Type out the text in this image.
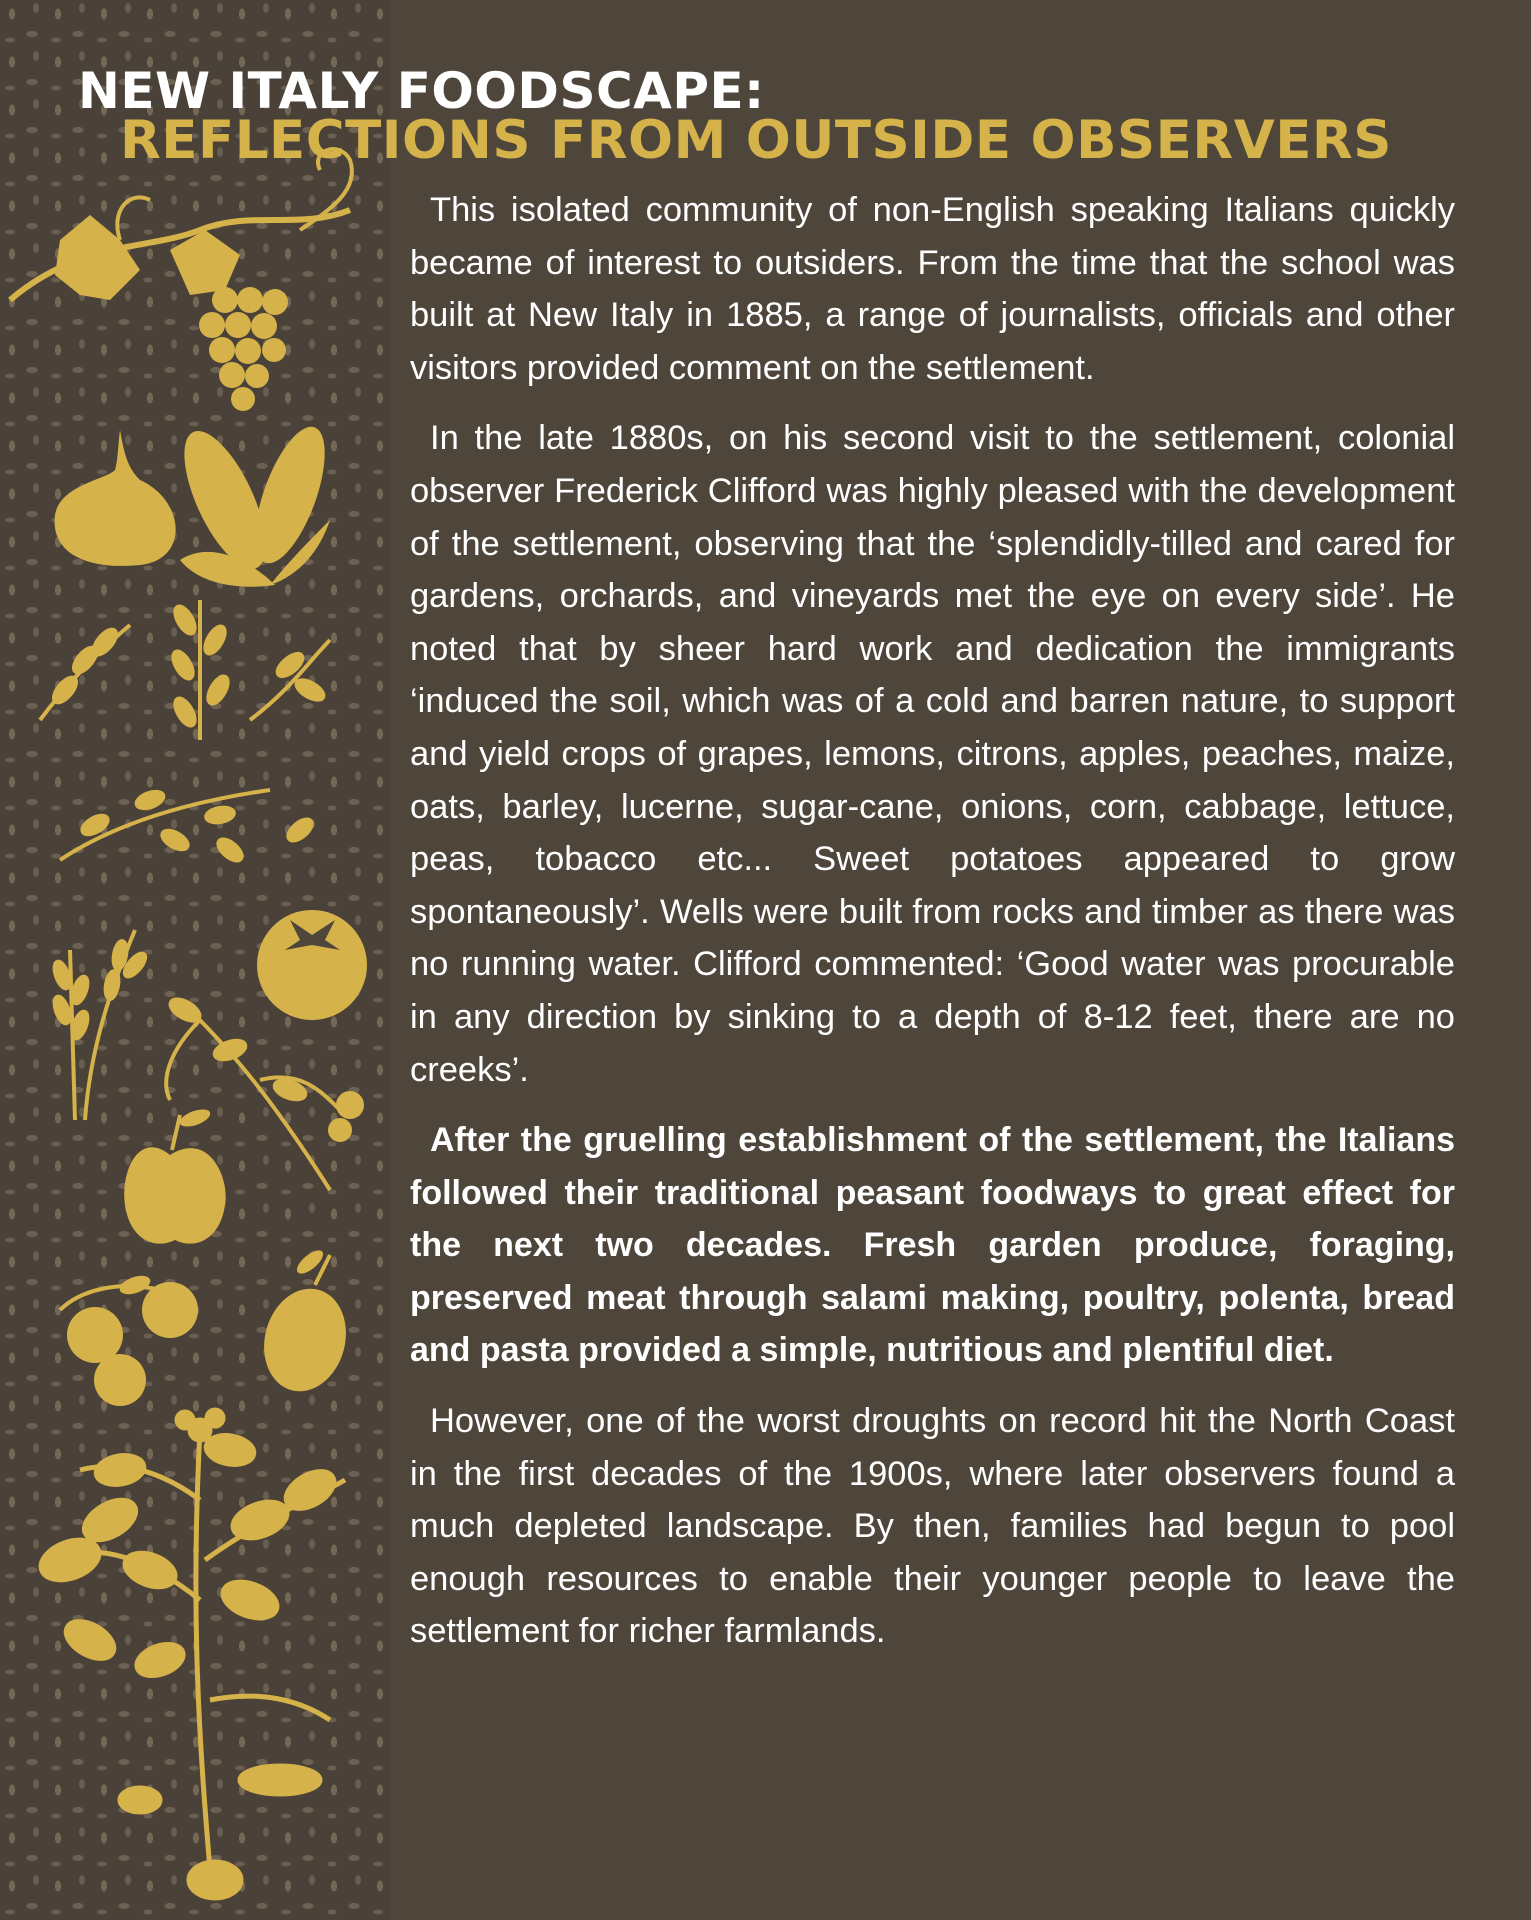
NEW ITALY FOODSCAPE:
REFLECTIONS FROM OUTSIDE OBSERVERS

This isolated community of non-English speaking Italians quickly became of interest to outsiders. From the time that the school was built at New Italy in 1885, a range of journalists, officials and other visitors provided comment on the settlement.

In the late 1880s, on his second visit to the settlement, colonial observer Frederick Clifford was highly pleased with the development of the settlement, observing that the ‘splendidly-tilled and cared for gardens, orchards, and vineyards met the eye on every side’. He noted that by sheer hard work and dedication the immigrants ‘induced the soil, which was of a cold and barren nature, to support and yield crops of grapes, lemons, citrons, apples, peaches, maize, oats, barley, lucerne, sugar-cane, onions, corn, cabbage, lettuce, peas, tobacco etc... Sweet potatoes appeared to grow spontaneously’. Wells were built from rocks and timber as there was no running water. Clifford commented: ‘Good water was procurable in any direction by sinking to a depth of 8-12 feet, there are no creeks’.

After the gruelling establishment of the settlement, the Italians followed their traditional peasant foodways to great effect for the next two decades. Fresh garden produce, foraging, preserved meat through salami making, poultry, polenta, bread and pasta provided a simple, nutritious and plentiful diet.

However, one of the worst droughts on record hit the North Coast in the first decades of the 1900s, where later observers found a much depleted landscape. By then, families had begun to pool enough resources to enable their younger people to leave the settlement for richer farmlands.
